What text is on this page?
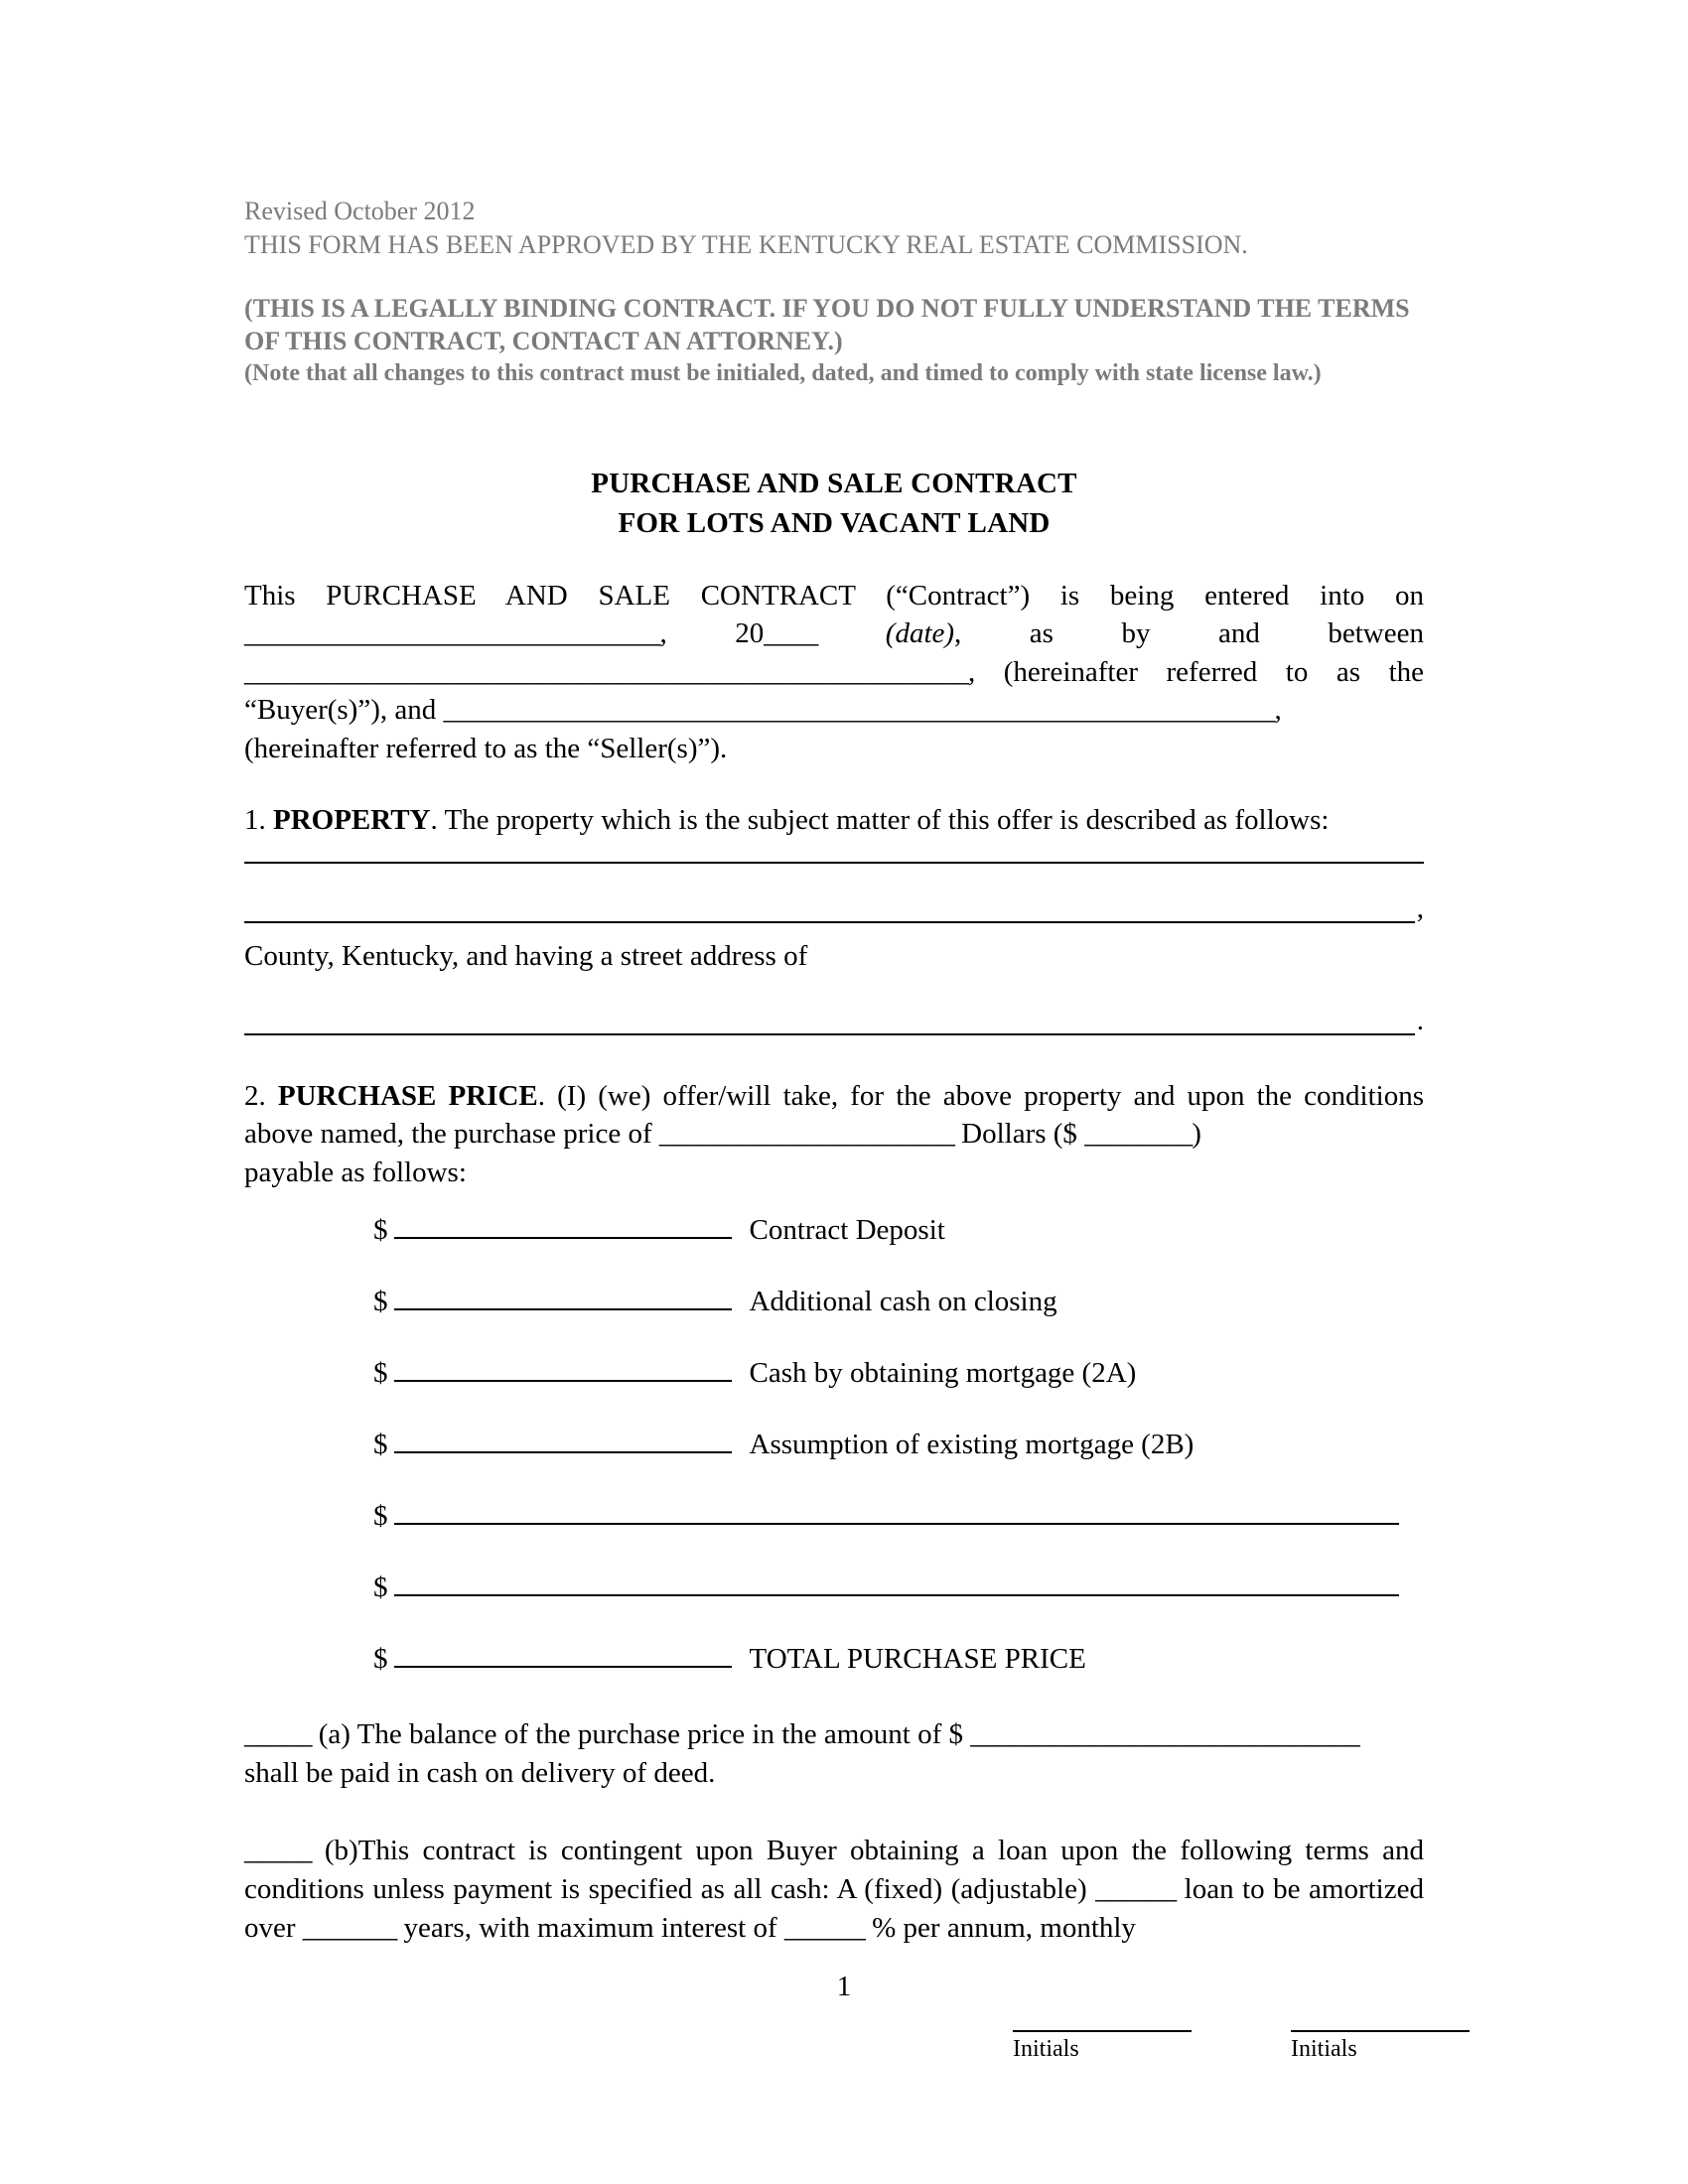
Revised October 2012
THIS FORM HAS BEEN APPROVED BY THE KENTUCKY REAL ESTATE COMMISSION.
(THIS IS A LEGALLY BINDING CONTRACT. IF YOU DO NOT FULLY UNDERSTAND THE TERMS OF THIS CONTRACT, CONTACT AN ATTORNEY.)
(Note that all changes to this contract must be initialed, dated, and timed to comply with state license law.)
PURCHASE AND SALE CONTRACT
FOR LOTS AND VACANT LAND
This PURCHASE AND SALE CONTRACT (“Contract”) is being entered into on _______________________________, 20____ (date), as by and between ______________________________________________________, (hereinafter referred to as the “Buyer(s)”), and ______________________________________________________________,
(hereinafter referred to as the “Seller(s)”).
1. PROPERTY. The property which is the subject matter of this offer is described as follows:
,
County, Kentucky, and having a street address of
.
2. PURCHASE PRICE. (I) (we) offer/will take, for the above property and upon the conditions above named, the purchase price of ______________________ Dollars ($ ________)
payable as follows:
$	Contract Deposit
$	Additional cash on closing
$	Cash by obtaining mortgage (2A)
$	Assumption of existing mortgage (2B)
$
$
$	TOTAL PURCHASE PRICE
_____ (a) The balance of the purchase price in the amount of $ _____________________________
shall be paid in cash on delivery of deed.
_____ (b)This contract is contingent upon Buyer obtaining a loan upon the following terms and conditions unless payment is specified as all cash: A (fixed) (adjustable) ______ loan to be amortized over _______ years, with maximum interest of ______ % per annum, monthly
1
Initials	Initials
